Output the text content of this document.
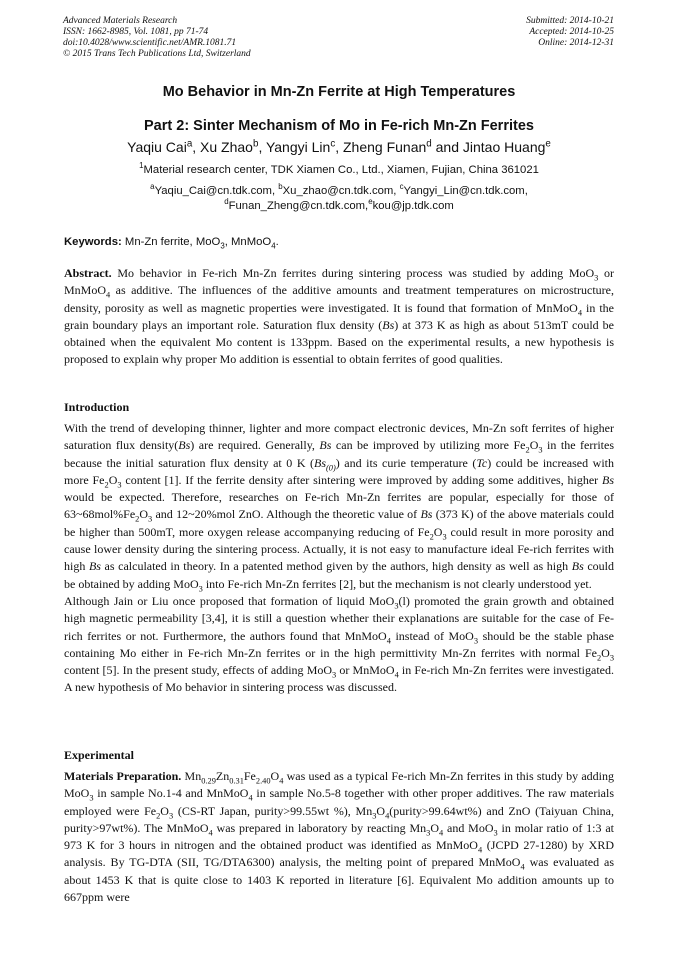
Advanced Materials Research
ISSN: 1662-8985, Vol. 1081, pp 71-74
doi:10.4028/www.scientific.net/AMR.1081.71
© 2015 Trans Tech Publications Ltd, Switzerland
Submitted: 2014-10-21
Accepted: 2014-10-25
Online: 2014-12-31
Mo Behavior in Mn-Zn Ferrite at High Temperatures
Part 2: Sinter Mechanism of Mo in Fe-rich Mn-Zn Ferrites
Yaqiu Cai$^a$, Xu Zhao$^b$, Yangyi Lin$^c$, Zheng Funan$^d$ and Jintao Huang$^e$
$^1$Material research center, TDK Xiamen Co., Ltd., Xiamen, Fujian, China 361021
$^a$Yaqiu_Cai@cn.tdk.com, $^b$Xu_zhao@cn.tdk.com, $^c$Yangyi_Lin@cn.tdk.com,
$^d$Funan_Zheng@cn.tdk.com,$^e$kou@jp.tdk.com
Keywords: Mn-Zn ferrite, MoO$_3$, MnMoO$_4$.

Abstract. Mo behavior in Fe-rich Mn-Zn ferrites during sintering process was studied by adding MoO$_3$ or MnMoO$_4$ as additive. The influences of the additive amounts and treatment temperatures on microstructure, density, porosity as well as magnetic properties were investigated. It is found that formation of MnMoO$_4$ in the grain boundary plays an important role. Saturation flux density (Bs) at 373 K as high as about 513mT could be obtained when the equivalent Mo content is 133ppm. Based on the experimental results, a new hypothesis is proposed to explain why proper Mo addition is essential to obtain ferrites of good qualities.

Introduction

With the trend of developing thinner, lighter and more compact electronic devices, Mn-Zn soft ferrites of higher saturation flux density(Bs) are required. Generally, Bs can be improved by utilizing more $Fe_2O_3$ in the ferrites because the initial saturation flux density at 0 K $(Bs_{(0)})$ and its curie temperature (Tc) could be increased with more $Fe_2O_3$ content [1]. If the ferrite density after sintering were improved by adding some additives, higher Bs would be expected. Therefore, researches on Fe-rich Mn-Zn ferrites are popular, especially for those of $63\sim 68mol\%Fe_2O_3$ and 12~20%mol ZnO. Although the theoretic value of Bs (373 K) of the above materials could be higher than 500mT, more oxygen release accompanying reducing of $Fe_2O_3$ could result in more porosity and cause lower density during the sintering process. Actually, it is not easy to manufacture ideal Fe-rich ferrites with high Bs as calculated in theory. In a patented method given by the authors, high density as well as high Bs could be obtained by adding MoO$_3$ into Fe-rich Mn-Zn ferrites [2], but the mechanism is not clearly understood yet.

Although Jain or Liu once proposed that formation of liquid MoO$_3$(l) promoted the grain growth and obtained high magnetic permeability [3,4], it is still a question whether their explanations are suitable for the case of Fe-rich ferrites or not. Furthermore, the authors found that MnMoO$_4$ instead of MoO$_3$ should be the stable phase containing Mo either in Fe-rich Mn-Zn ferrites or in the high permittivity Mn-Zn ferrites with normal $Fe_2O_3$ content [5]. In the present study, effects of adding MoO$_3$ or MnMoO$_4$ in Fe-rich Mn-Zn ferrites were investigated. A new hypothesis of Mo behavior in sintering process was discussed.

Experimental

Materials Preparation. $Mn_{0.29}Zn_{0.31}Fe_{2.40}O_4$ was used as a typical Fe-rich Mn-Zn ferrites in this study by adding MoO$_3$ in sample No.1-4 and MnMoO$_4$ in sample No.5-8 together with other proper additives. The raw materials employed were $Fe_2O_3$ (CS-RT Japan, purity>99.55wt %), $Mn_3O_4(purity>99.64wt\%)$ and ZnO (Taiyuan China, purity>97wt%). The MnMoO$_4$ was prepared in laboratory by reacting $Mn_3O_4$ and MoO$_3$ in molar ratio of 1:3 at 973 K for 3 hours in nitrogen and the obtained product was identified as MnMoO$_4$ (JCPD 27-1280) by XRD analysis. By TG-DTA (SII, TG/DTA6300) analysis, the melting point of prepared MnMoO$_4$ was evaluated as about 1453 K that is quite close to 1403 K reported in literature [6]. Equivalent Mo addition amounts up to 667ppm were
